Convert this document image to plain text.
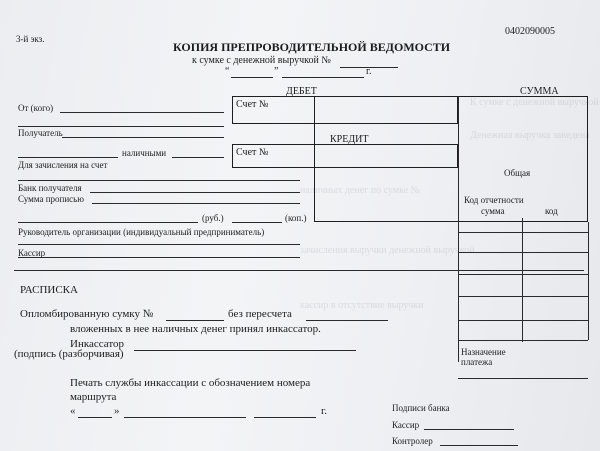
К сумке с денежной выручкой
Денежная выручка заведена
наличных денег по сумке №
зачисления выручки денежной выручкой
кассир в отсутствие выручки
3-й экз.
0402090005
КОПИЯ ПРЕПРОВОДИТЕЛЬНОЙ ВЕДОМОСТИ
к сумке с денежной выручкой №
“	”	г.
От (кого)
Получатель
наличными
Для зачисления на счет
Банк получателя
Сумма прописью
(руб.)	(коп.)
Руководитель организации (индивидуальный предприниматель)
Кассир
ДЕБЕТ
Счет №
КРЕДИТ
Счет №
СУММА
Общая
Код отчетности
сумма	код
Назначение
платежа
РАСПИСКА
Опломбированную сумку №	без пересчета
вложенных в нее наличных денег принял инкассатор.
Инкассатор
(подпись (разборчивая)
Печать службы инкассации с обозначением номера
маршрута
«	»	г.	Подписи банка
Кассир
Контролер
